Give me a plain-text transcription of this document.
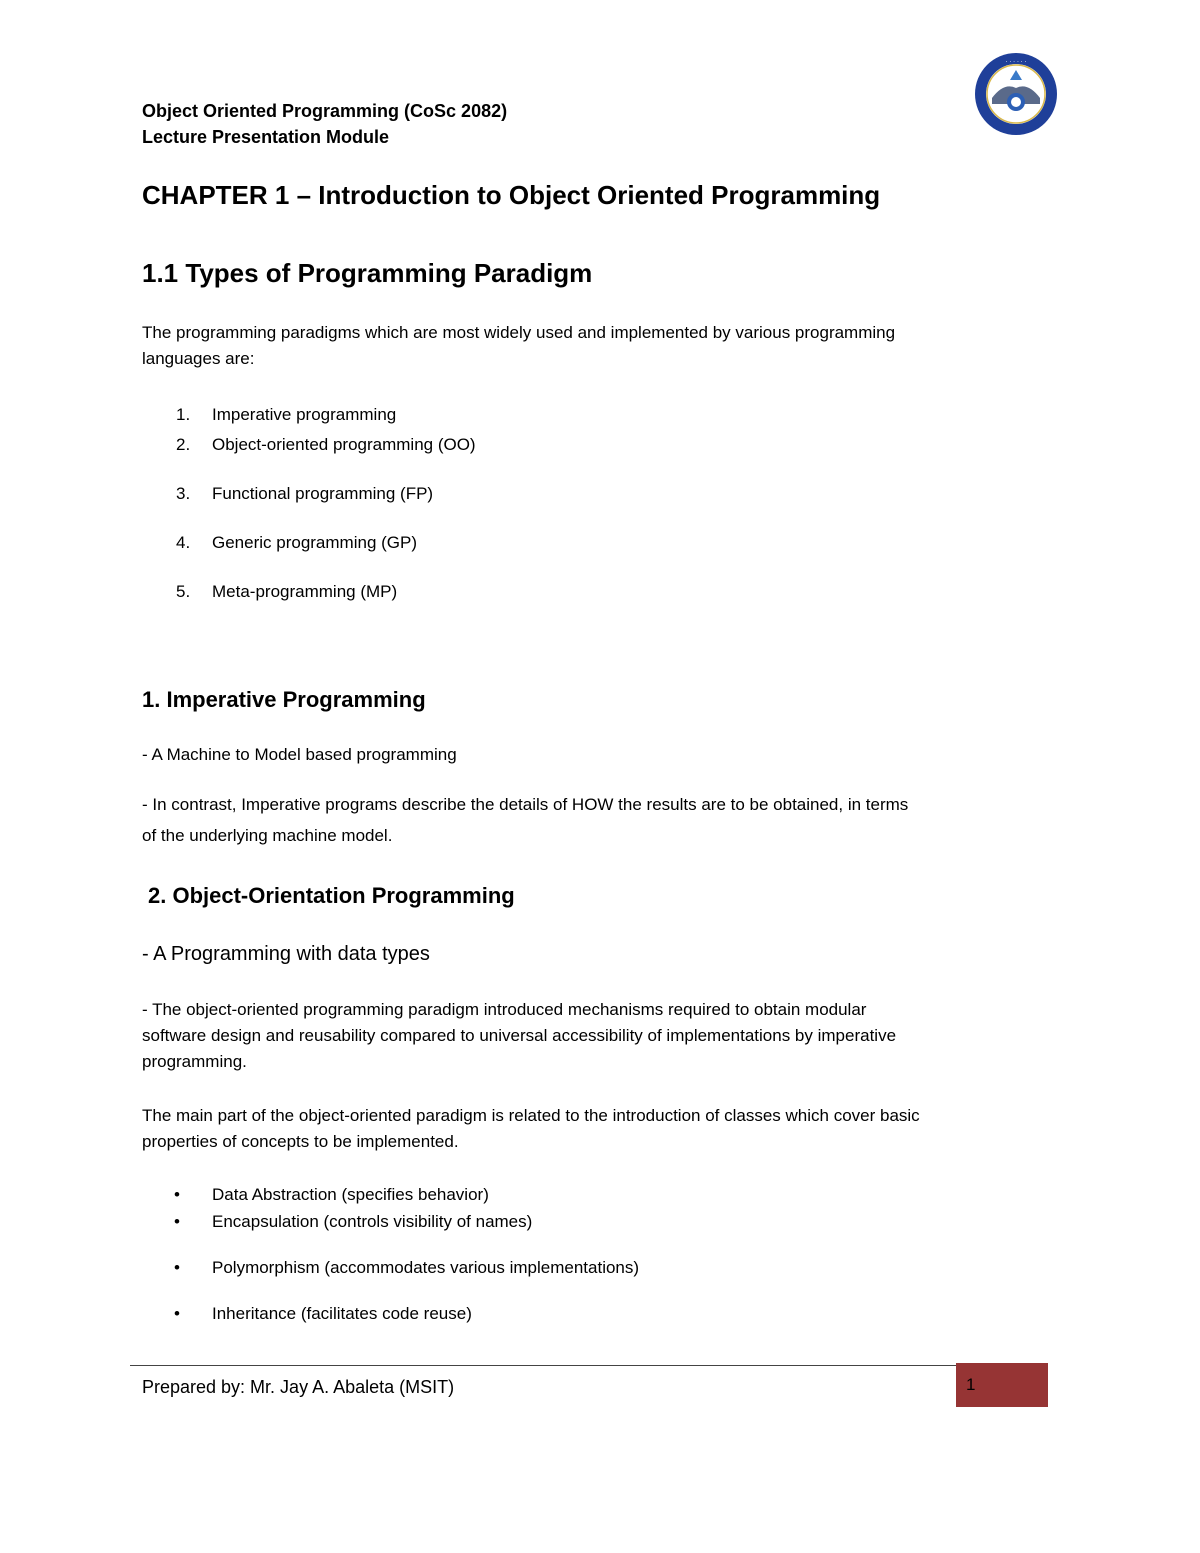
Object Oriented Programming (CoSc 2082)

Lecture Presentation Module

· · · · · ·

CHAPTER 1 – Introduction to Object Oriented Programming

1.1 Types of Programming Paradigm

The programming paradigms which are most widely used and implemented by various programming

languages are:

1. Imperative programming
2. Object-oriented programming (OO)
3. Functional programming (FP)
4. Generic programming (GP)
5. Meta-programming (MP)

1. Imperative Programming

- A Machine to Model based programming

- In contrast, Imperative programs describe the details of HOW the results are to be obtained, in terms

of the underlying machine model.

2. Object-Orientation Programming

- A Programming with data types

- The object-oriented programming paradigm introduced mechanisms required to obtain modular

software design and reusability compared to universal accessibility of implementations by imperative

programming.

The main part of the object-oriented paradigm is related to the introduction of classes which cover basic

properties of concepts to be implemented.

• Data Abstraction (specifies behavior)
• Encapsulation (controls visibility of names)
• Polymorphism (accommodates various implementations)
• Inheritance (facilitates code reuse)

Prepared by: Mr. Jay A. Abaleta (MSIT)	1
